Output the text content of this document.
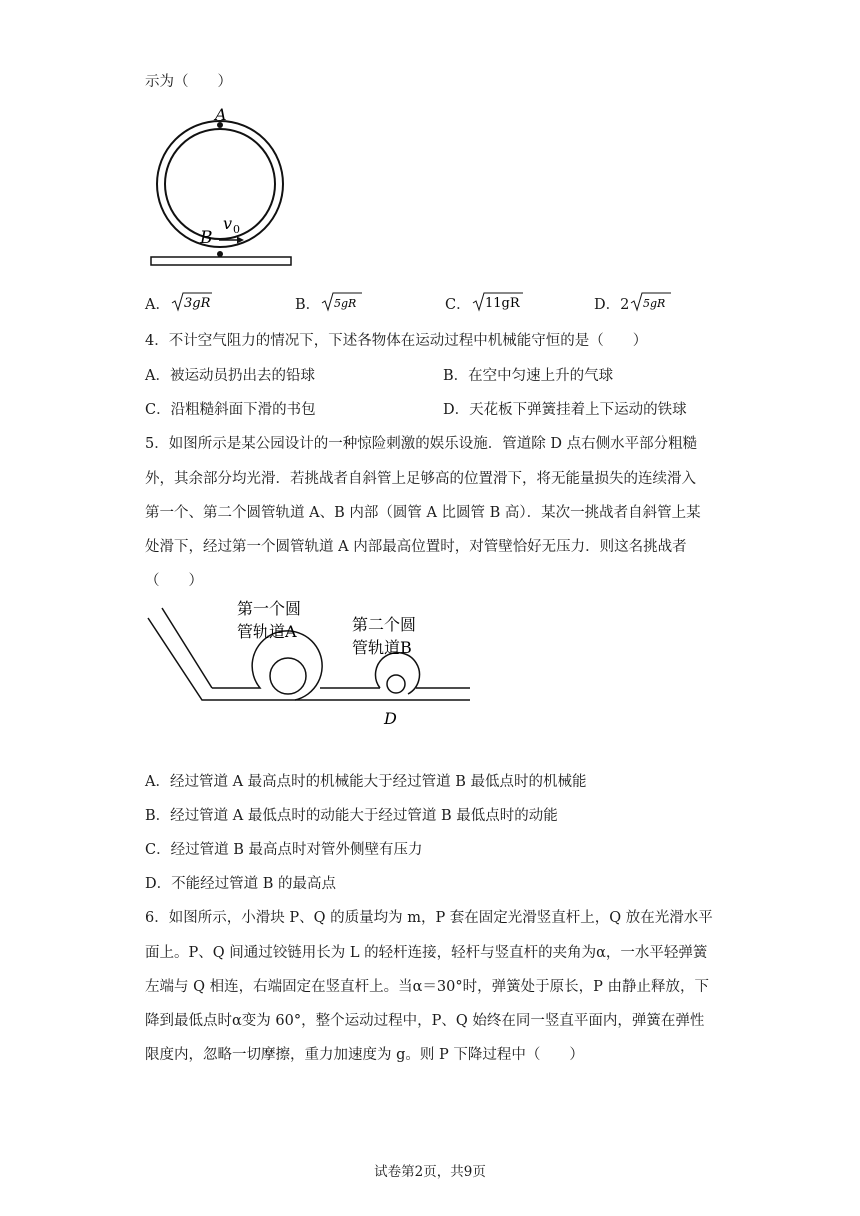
示为（　　）
A
B
v 0
A． 3gR	B． 5gR	C． 11gR	D．2 5gR
4．不计空气阻力的情况下，下述各物体在运动过程中机械能守恒的是（　　）
A．被运动员扔出去的铅球	B．在空中匀速上升的气球
C．沿粗糙斜面下滑的书包	D．天花板下弹簧挂着上下运动的铁球
5．如图所示是某公园设计的一种惊险刺激的娱乐设施．管道除 D 点右侧水平部分粗糙
外，其余部分均光滑．若挑战者自斜管上足够高的位置滑下，将无能量损失的连续滑入
第一个、第二个圆管轨道 A、B 内部（圆管 A 比圆管 B 高）．某次一挑战者自斜管上某
处滑下，经过第一个圆管轨道 A 内部最高位置时，对管壁恰好无压力．则这名挑战者
（　　）
第一个圆
管轨道A	第二个圆
管轨道B
D
A．经过管道 A 最高点时的机械能大于经过管道 B 最低点时的机械能
B．经过管道 A 最低点时的动能大于经过管道 B 最低点时的动能
C．经过管道 B 最高点时对管外侧壁有压力
D．不能经过管道 B 的最高点
6．如图所示，小滑块 P、Q 的质量均为 m，P 套在固定光滑竖直杆上，Q 放在光滑水平
面上。P、Q 间通过铰链用长为 L 的轻杆连接，轻杆与竖直杆的夹角为α，一水平轻弹簧
左端与 Q 相连，右端固定在竖直杆上。当α＝30°时，弹簧处于原长，P 由静止释放，下
降到最低点时α变为 60°，整个运动过程中，P、Q 始终在同一竖直平面内，弹簧在弹性
限度内，忽略一切摩擦，重力加速度为 g。则 P 下降过程中（　　）
试卷第2页，共9页
